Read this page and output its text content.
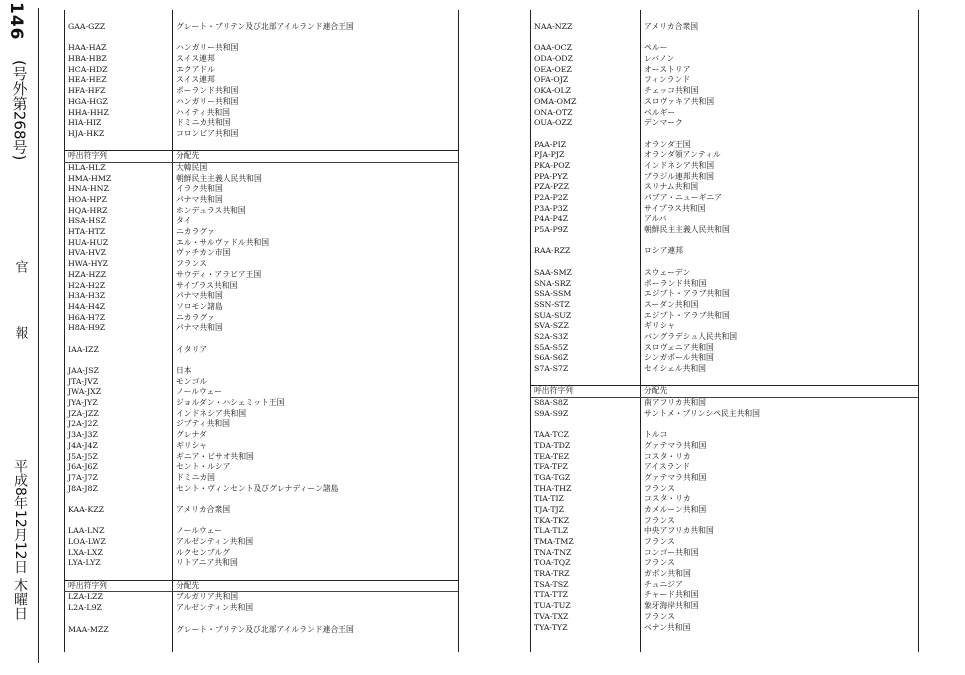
146
(号外第268号)
官　報
平成8年12月12日 木曜日
GAA-GZZ	グレート・ブリテン及び北部アイルランド連合王国
HAA-HAZ	ハンガリー共和国
HBA-HBZ	スイス連邦
HCA-HDZ	エクアドル
HEA-HEZ	スイス連邦
HFA-HFZ	ポーランド共和国
HGA-HGZ	ハンガリー共和国
HHA-HHZ	ハイティ共和国
HIA-HIZ	ドミニカ共和国
HJA-HKZ	コロンビア共和国
呼出符字列	分配先
HLA-HLZ	大韓民国
HMA-HMZ	朝鮮民主主義人民共和国
HNA-HNZ	イラク共和国
HOA-HPZ	パナマ共和国
HQA-HRZ	ホンデュラス共和国
HSA-HSZ	タイ
HTA-HTZ	ニカラグァ
HUA-HUZ	エル・サルヴァドル共和国
HVA-HVZ	ヴァチカン市国
HWA-HYZ	フランス
HZA-HZZ	サウディ・アラビア王国
H2A-H2Z	サイプラス共和国
H3A-H3Z	パナマ共和国
H4A-H4Z	ソロモン諸島
H6A-H7Z	ニカラグァ
H8A-H9Z	パナマ共和国
IAA-IZZ	イタリア
JAA-JSZ	日本
JTA-JVZ	モンゴル
JWA-JXZ	ノールウェー
JYA-JYZ	ジョルダン・ハシェミット王国
JZA-JZZ	インドネシア共和国
J2A-J2Z	ジブティ共和国
J3A-J3Z	グレナダ
J4A-J4Z	ギリシャ
J5A-J5Z	ギニア・ビサオ共和国
J6A-J6Z	セント・ルシア
J7A-J7Z	ドミニカ国
J8A-J8Z	セント・ヴィンセント及びグレナディーン諸島
KAA-KZZ	アメリカ合衆国
LAA-LNZ	ノールウェー
LOA-LWZ	アルゼンティン共和国
LXA-LXZ	ルクセンブルグ
LYA-LYZ	リトアニア共和国
呼出符字列	分配先
LZA-LZZ	ブルガリア共和国
L2A-L9Z	アルゼンティン共和国
MAA-MZZ	グレート・ブリテン及び北部アイルランド連合王国
NAA-NZZ	アメリカ合衆国
OAA-OCZ	ペルー
ODA-ODZ	レバノン
OEA-OEZ	オーストリア
OFA-OJZ	フィンランド
OKA-OLZ	チェッコ共和国
OMA-OMZ	スロヴァキア共和国
ONA-OTZ	ベルギー
OUA-OZZ	デンマーク
PAA-PIZ	オランダ王国
PJA-PJZ	オランダ領アンティル
PKA-POZ	インドネシア共和国
PPA-PYZ	ブラジル連邦共和国
PZA-PZZ	スリナム共和国
P2A-P2Z	パプア・ニューギニア
P3A-P3Z	サイプラス共和国
P4A-P4Z	アルバ
P5A-P9Z	朝鮮民主主義人民共和国
RAA-RZZ	ロシア連邦
SAA-SMZ	スウェーデン
SNA-SRZ	ポーランド共和国
SSA-SSM	エジプト・アラブ共和国
SSN-STZ	スーダン共和国
SUA-SUZ	エジプト・アラブ共和国
SVA-SZZ	ギリシャ
S2A-S3Z	バングラデシュ人民共和国
S5A-S5Z	スロヴェニア共和国
S6A-S6Z	シンガポール共和国
S7A-S7Z	セイシェル共和国
呼出符字列	分配先
S8A-S8Z	南アフリカ共和国
S9A-S9Z	サントメ・プリンシペ民主共和国
TAA-TCZ	トルコ
TDA-TDZ	グァテマラ共和国
TEA-TEZ	コスタ・リカ
TFA-TFZ	アイスランド
TGA-TGZ	グァテマラ共和国
THA-THZ	フランス
TIA-TIZ	コスタ・リカ
TJA-TJZ	カメルーン共和国
TKA-TKZ	フランス
TLA-TLZ	中央アフリカ共和国
TMA-TMZ	フランス
TNA-TNZ	コンゴー共和国
TOA-TQZ	フランス
TRA-TRZ	ガボン共和国
TSA-TSZ	チュニジア
TTA-TTZ	チャード共和国
TUA-TUZ	象牙海岸共和国
TVA-TXZ	フランス
TYA-TYZ	ベナン共和国
